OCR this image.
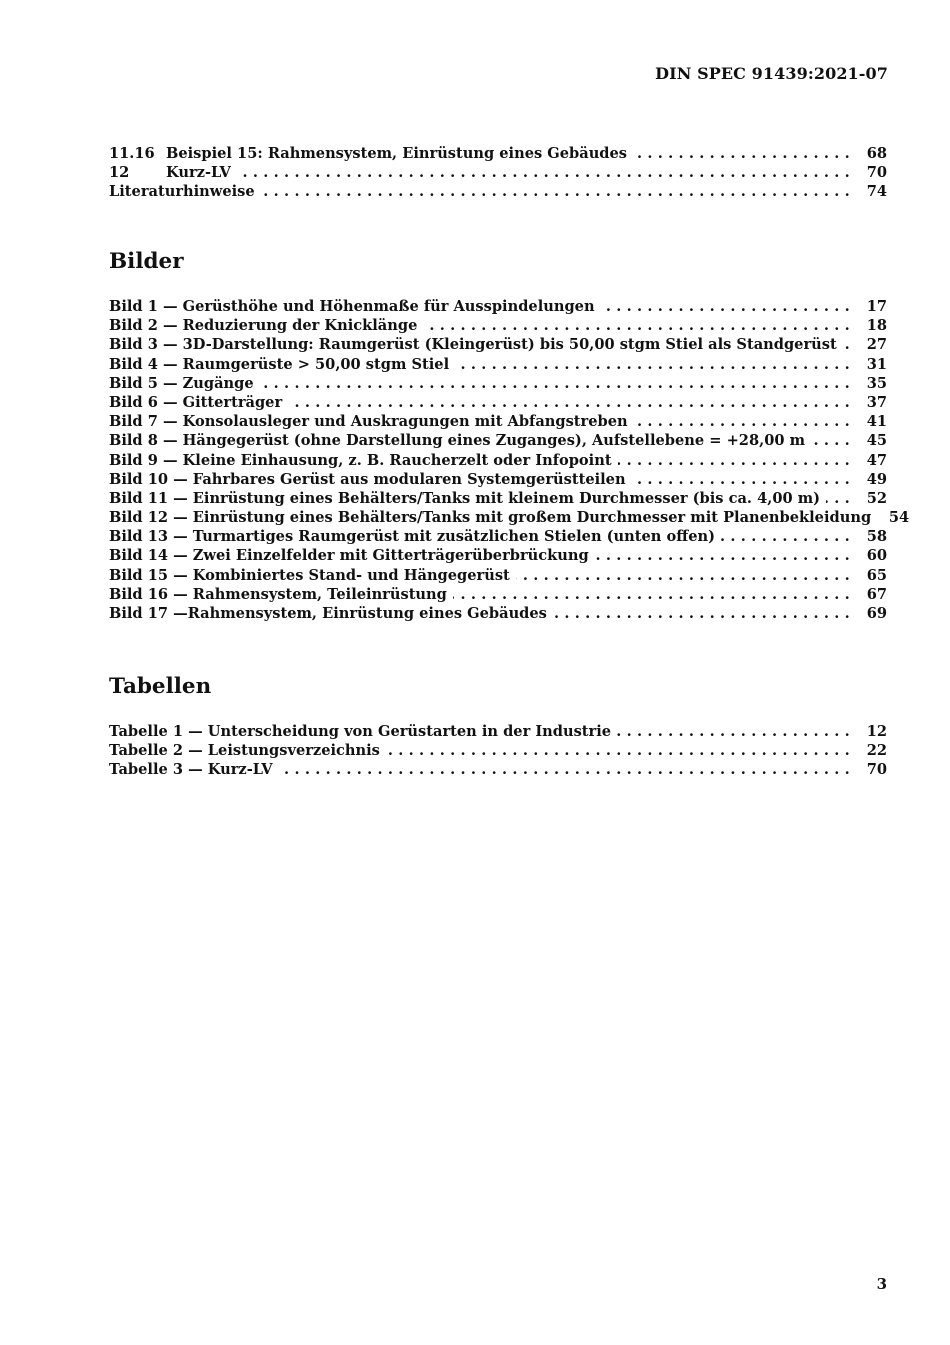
DIN SPEC 91439:2021-07
11.16 Beispiel 15: Rahmensystem, Einrüstung eines Gebäudes .....	68
12	Kurz-LV .....	70
Literaturhinweise .....	74
Bilder
Bild 1 — Gerüsthöhe und Höhenmaße für Ausspindelungen .....	17
Bild 2 — Reduzierung der Knicklänge .....	18
Bild 3 — 3D-Darstellung: Raumgerüst (Kleingerüst) bis 50,00 stgm Stiel als Standgerüst ..... 27
Bild 4 — Raumgerüste > 50,00 stgm Stiel .....	31
Bild 5 — Zugänge .....	35
Bild 6 — Gitterträger .....	37
Bild 7 — Konsolausleger und Auskragungen mit Abfangstreben .....	41
Bild 8 — Hängegerüst (ohne Darstellung eines Zuganges), Aufstellebene = +28,00 m .....	45
Bild 9 — Kleine Einhausung, z. B. Raucherzelt oder Infopoint .....	47
Bild 10 — Fahrbares Gerüst aus modularen Systemgerüstteilen .....	49
Bild 11 — Einrüstung eines Behälters/Tanks mit kleinem Durchmesser (bis ca. 4,00 m) .....	52
Bild 12 — Einrüstung eines Behälters/Tanks mit großem Durchmesser mit Planenbekleidung 54
Bild 13 — Turmartiges Raumgerüst mit zusätzlichen Stielen (unten offen) .....	58
Bild 14 — Zwei Einzelfelder mit Gitterträgerüberbrückung .....	60
Bild 15 — Kombiniertes Stand- und Hängegerüst .....	65
Bild 16 — Rahmensystem, Teileinrüstung .....	67
Bild 17 —Rahmensystem, Einrüstung eines Gebäudes .....	69
Tabellen
Tabelle 1 — Unterscheidung von Gerüstarten in der Industrie .....	12
Tabelle 2 — Leistungsverzeichnis .....	22
Tabelle 3 — Kurz-LV .....	70
3
